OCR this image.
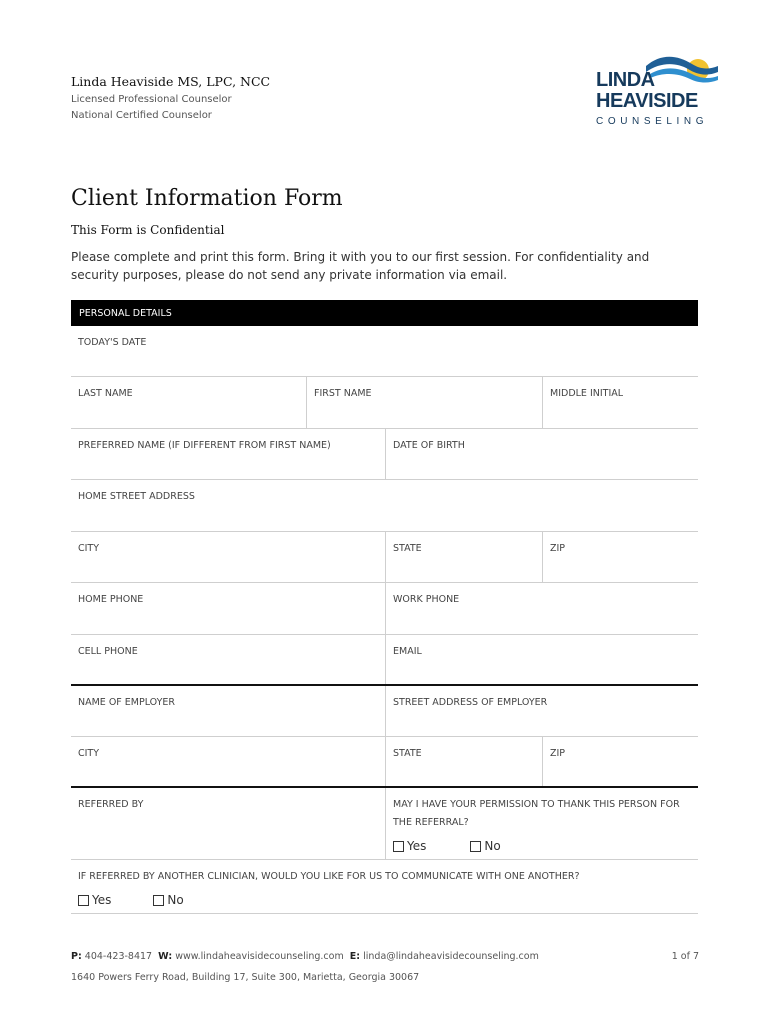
Linda Heaviside MS, LPC, NCC
Licensed Professional Counselor
National Certified Counselor
LINDA
HEAVISIDE
COUNSELING
Client Information Form
This Form is Confidential
Please complete and print this form. Bring it with you to our first session. For confidentiality and security purposes, please do not send any private information via email.
PERSONAL DETAILS
TODAY'S DATE
LAST NAME	FIRST NAME	MIDDLE INITIAL
PREFERRED NAME (IF DIFFERENT FROM FIRST NAME)	DATE OF BIRTH
HOME STREET ADDRESS
CITY	STATE	ZIP
HOME PHONE	WORK PHONE
CELL PHONE	EMAIL
NAME OF EMPLOYER	STREET ADDRESS OF EMPLOYER
CITY	STATE	ZIP
REFERRED BY	MAY I HAVE YOUR PERMISSION TO THANK THIS PERSON FOR THE REFERRAL?
Yes	No
IF REFERRED BY ANOTHER CLINICIAN, WOULD YOU LIKE FOR US TO COMMUNICATE WITH ONE ANOTHER?
Yes	No
P: 404-423-8417 W: www.lindaheavisidecounseling.com E: linda@lindaheavisidecounseling.com
1640 Powers Ferry Road, Building 17, Suite 300, Marietta, Georgia 30067
1 of 7
